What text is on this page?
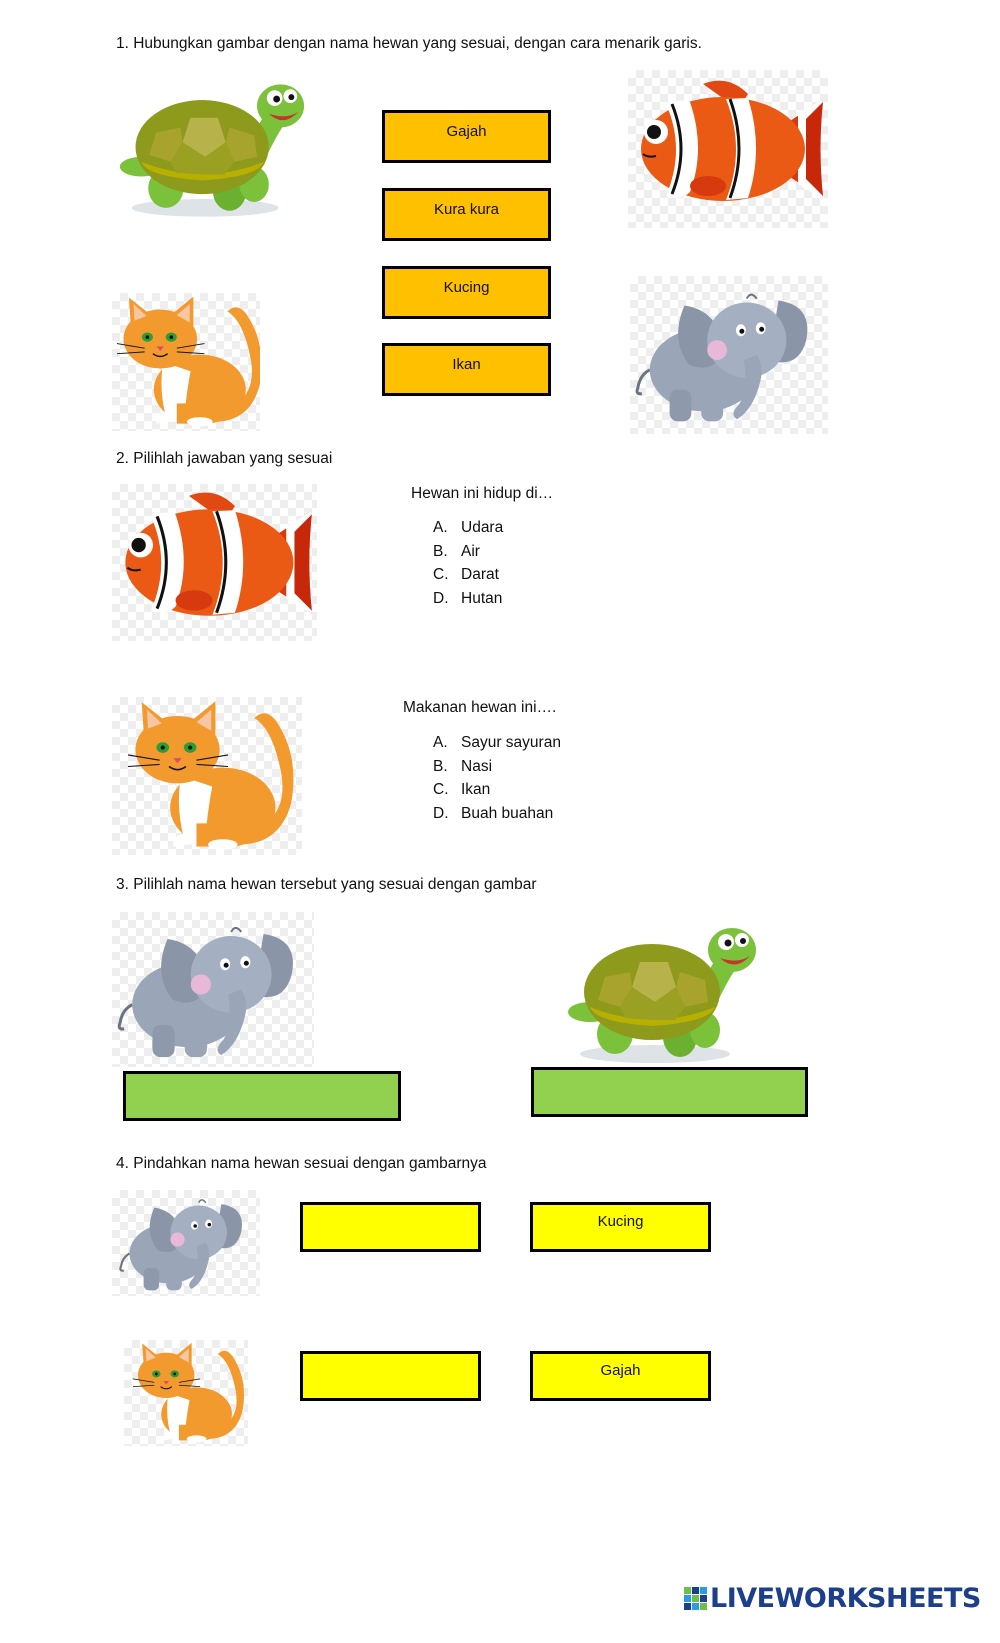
1. Hubungkan gambar dengan nama hewan yang sesuai, dengan cara menarik garis.
Gajah
Kura kura
Kucing
Ikan
2. Pilihlah jawaban yang sesuai
Hewan ini hidup di…
A. Udara
B. Air
C. Darat
D. Hutan
Makanan hewan ini….
A. Sayur sayuran
B. Nasi
C. Ikan
D. Buah buahan
3. Pilihlah nama hewan tersebut yang sesuai dengan gambar
4. Pindahkan nama hewan sesuai dengan gambarnya
Kucing
Gajah
LIVEWORKSHEETS
